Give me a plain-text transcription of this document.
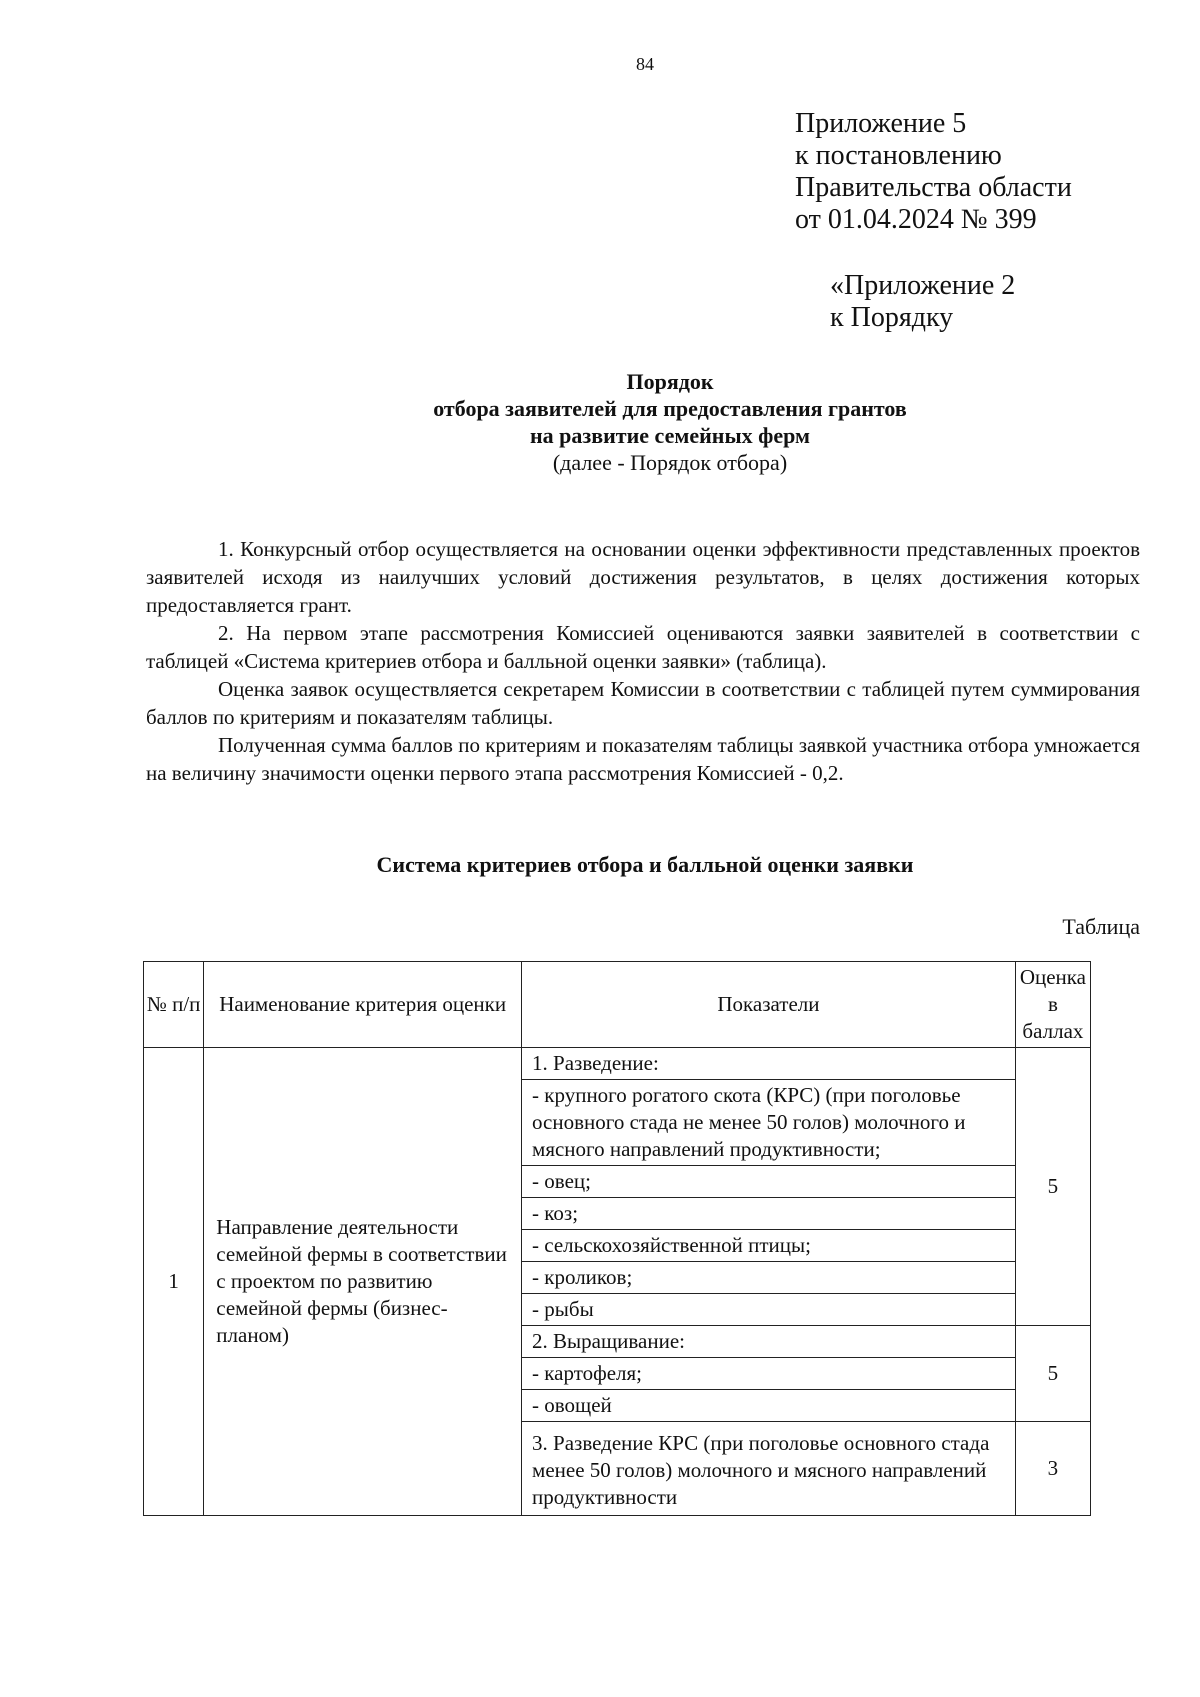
84
Приложение 5
к постановлению
Правительства области
от 01.04.2024 № 399
«Приложение 2
к Порядку
Порядок
отбора заявителей для предоставления грантов
на развитие семейных ферм
(далее - Порядок отбора)

1. Конкурсный отбор осуществляется на основании оценки эффективности представленных проектов заявителей исходя из наилучших условий достижения результатов, в целях достижения которых предоставляется грант.

2. На первом этапе рассмотрения Комиссией оцениваются заявки заявителей в соответствии с таблицей «Система критериев отбора и балльной оценки заявки» (таблица).

Оценка заявок осуществляется секретарем Комиссии в соответствии с таблицей путем суммирования баллов по критериям и показателям таблицы.

Полученная сумма баллов по критериям и показателям таблицы заявкой участника отбора умножается на величину значимости оценки первого этапа рассмотрения Комиссией - 0,2.

Система критериев отбора и балльной оценки заявки
Таблица
№ п/п	Наименование критерия оценки	Показатели	Оценка в баллах
1	Направление деятельности семейной фермы в соответствии с проектом по развитию семейной фермы (бизнес-планом)	1. Разведение:	5
		- крупного рогатого скота (КРС) (при поголовье основного стада не менее 50 голов) молочного и мясного направлений продуктивности;	
		- овец;	
		- коз;	
		- сельскохозяйственной птицы;	
		- кроликов;	
		- рыбы	
		2. Выращивание:	5
		- картофеля;	
		- овощей	
		3. Разведение КРС (при поголовье основного стада менее 50 голов) молочного и мясного направлений продуктивности	3
